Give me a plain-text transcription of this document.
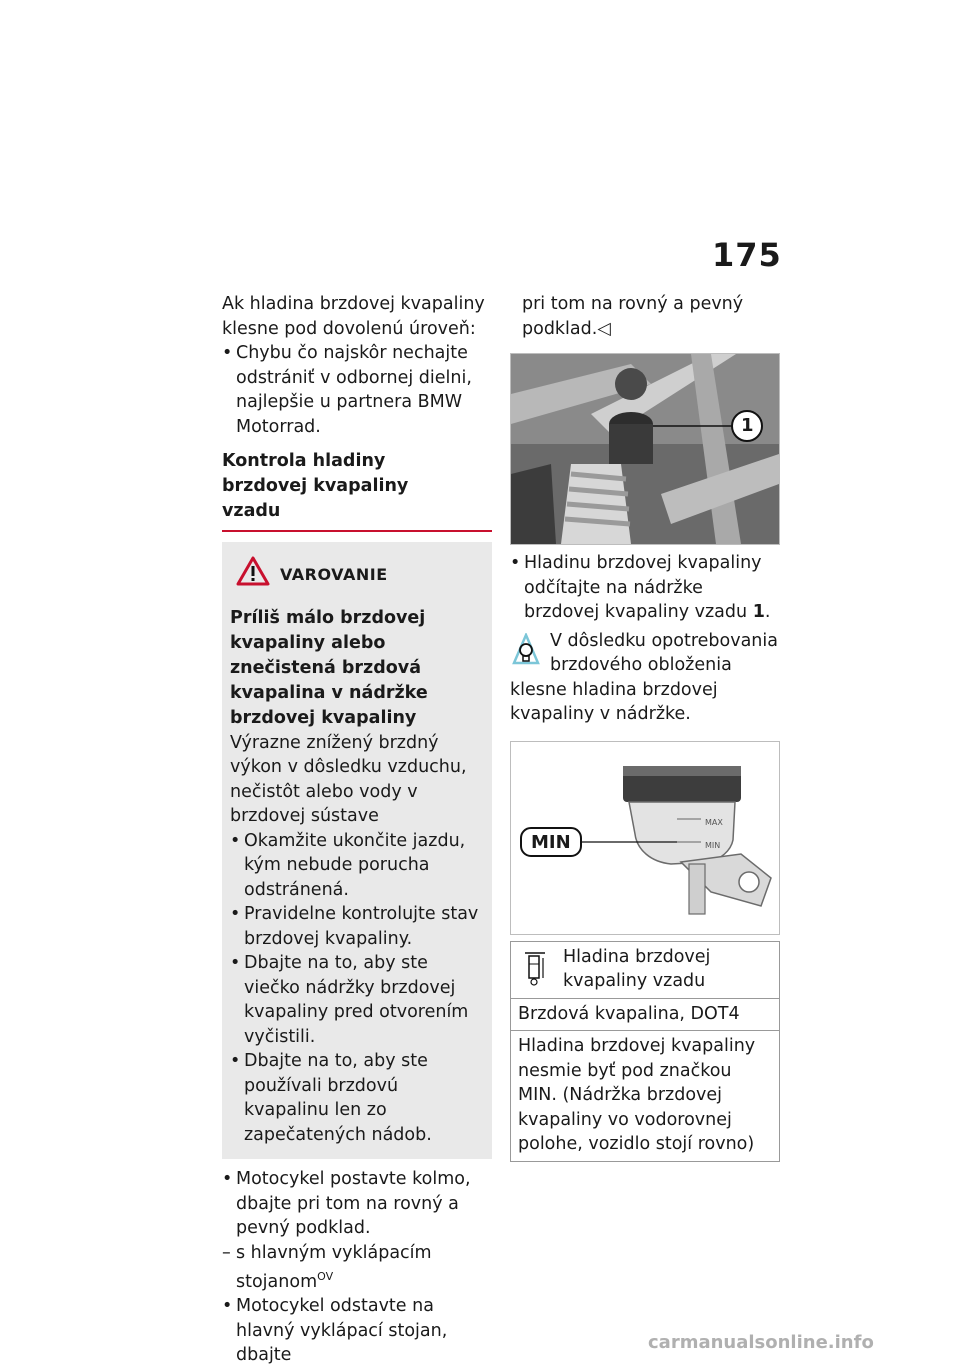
175

Ak hladina brzdovej kvapaliny

klesne pod dovolenú úroveň:

• Chybu čo najskôr nechajte odstrániť v odbornej dielni, najlepšie u partnera BMW Motorrad.

Kontrola hladiny brzdovej kvapaliny vzadu
VAROVANIE

Príliš málo brzdovej kvapaliny alebo znečistená brzdová kvapalina v nádržke brzdovej kvapaliny

Výrazne znížený brzdný výkon v dôsledku vzduchu, nečistôt alebo vody v brzdovej sústave

• Okamžite ukončite jazdu, kým nebude porucha odstránená.

• Pravidelne kontrolujte stav brzdovej kvapaliny.

• Dbajte na to, aby ste viečko nádržky brzdovej kvapaliny pred otvorením vyčistili.

• Dbajte na to, aby ste používali brzdovú kvapalinu len zo zapečatených nádob.

• Motocykel postavte kolmo, dbajte pri tom na rovný a pevný podklad.

– s hlavným vyklápacím stojanom$^{OV}$

• Motocykel odstavte na hlavný vyklápací stojan, dbajte

pri tom na rovný a pevný podklad.◁

1

• Hladinu brzdovej kvapaliny odčítajte na nádržke brzdovej kvapaliny vzadu 1.

V dôsledku opotrebovania brzdového obloženia

klesne hladina brzdovej kvapaliny v nádržke.

MIN
MAX
MIN
Hladina brzdovej kvapaliny vzadu
Brzdová kvapalina, DOT4
Hladina brzdovej kvapaliny nesmie byť pod značkou MIN. (Nádržka brzdovej kvapaliny vo vodorovnej polohe, vozidlo stojí rovno)
carmanualsonline.info
